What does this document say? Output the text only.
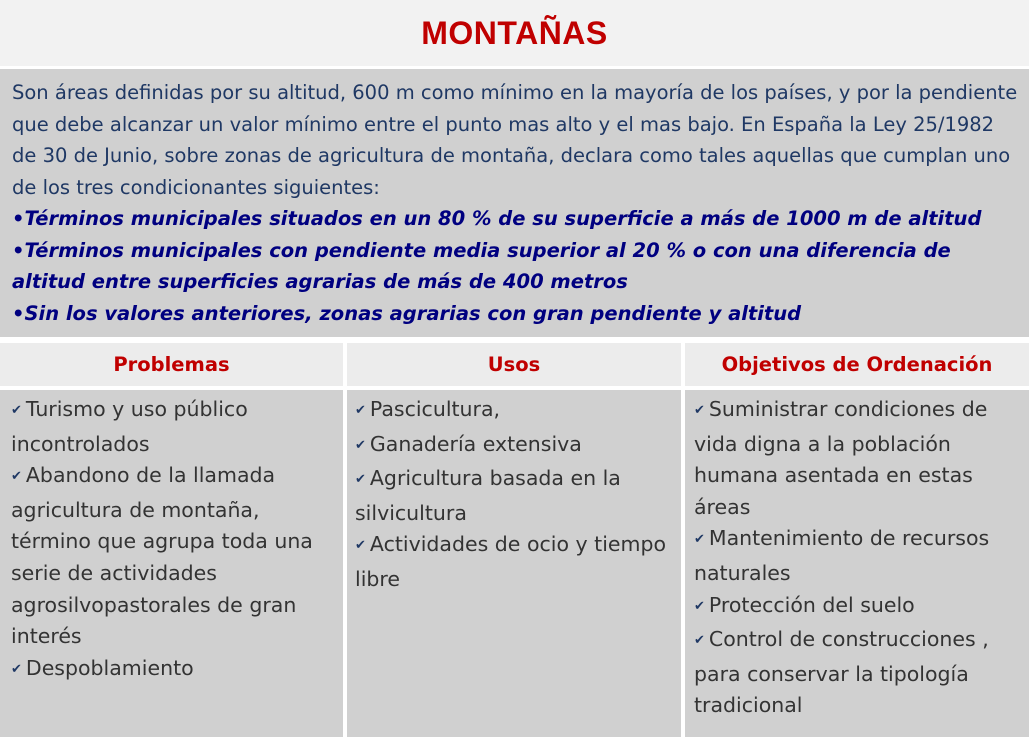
MONTAÑAS

Son áreas definidas por su altitud, 600 m como mínimo en la mayoría de los países, y por la pendiente que debe alcanzar un valor mínimo entre el punto mas alto y el mas bajo. En España la Ley 25/1982 de 30 de Junio, sobre zonas de agricultura de montaña, declara como tales aquellas que cumplan uno de los tres condicionantes siguientes:

•Términos municipales situados en un 80 % de su superficie a más de 1000 m de altitud

•Términos municipales con pendiente media superior al 20 % o con una diferencia de altitud entre superficies agrarias de más de 400 metros

•Sin los valores anteriores, zonas agrarias con gran pendiente y altitud

Problemas	Usos	Objetivos de Ordenación

✔ Turismo y uso público incontrolados

✔ Abandono de la llamada agricultura de montaña, término que agrupa toda una serie de actividades agrosilvopastorales de gran interés

✔ Despoblamiento

✔ Pascicultura,

✔ Ganadería extensiva

✔ Agricultura basada en la silvicultura

✔ Actividades de ocio y tiempo libre

✔ Suministrar condiciones de vida digna a la población humana asentada en estas áreas

✔ Mantenimiento de recursos naturales

✔ Protección del suelo

✔ Control de construcciones , para conservar la tipología tradicional
